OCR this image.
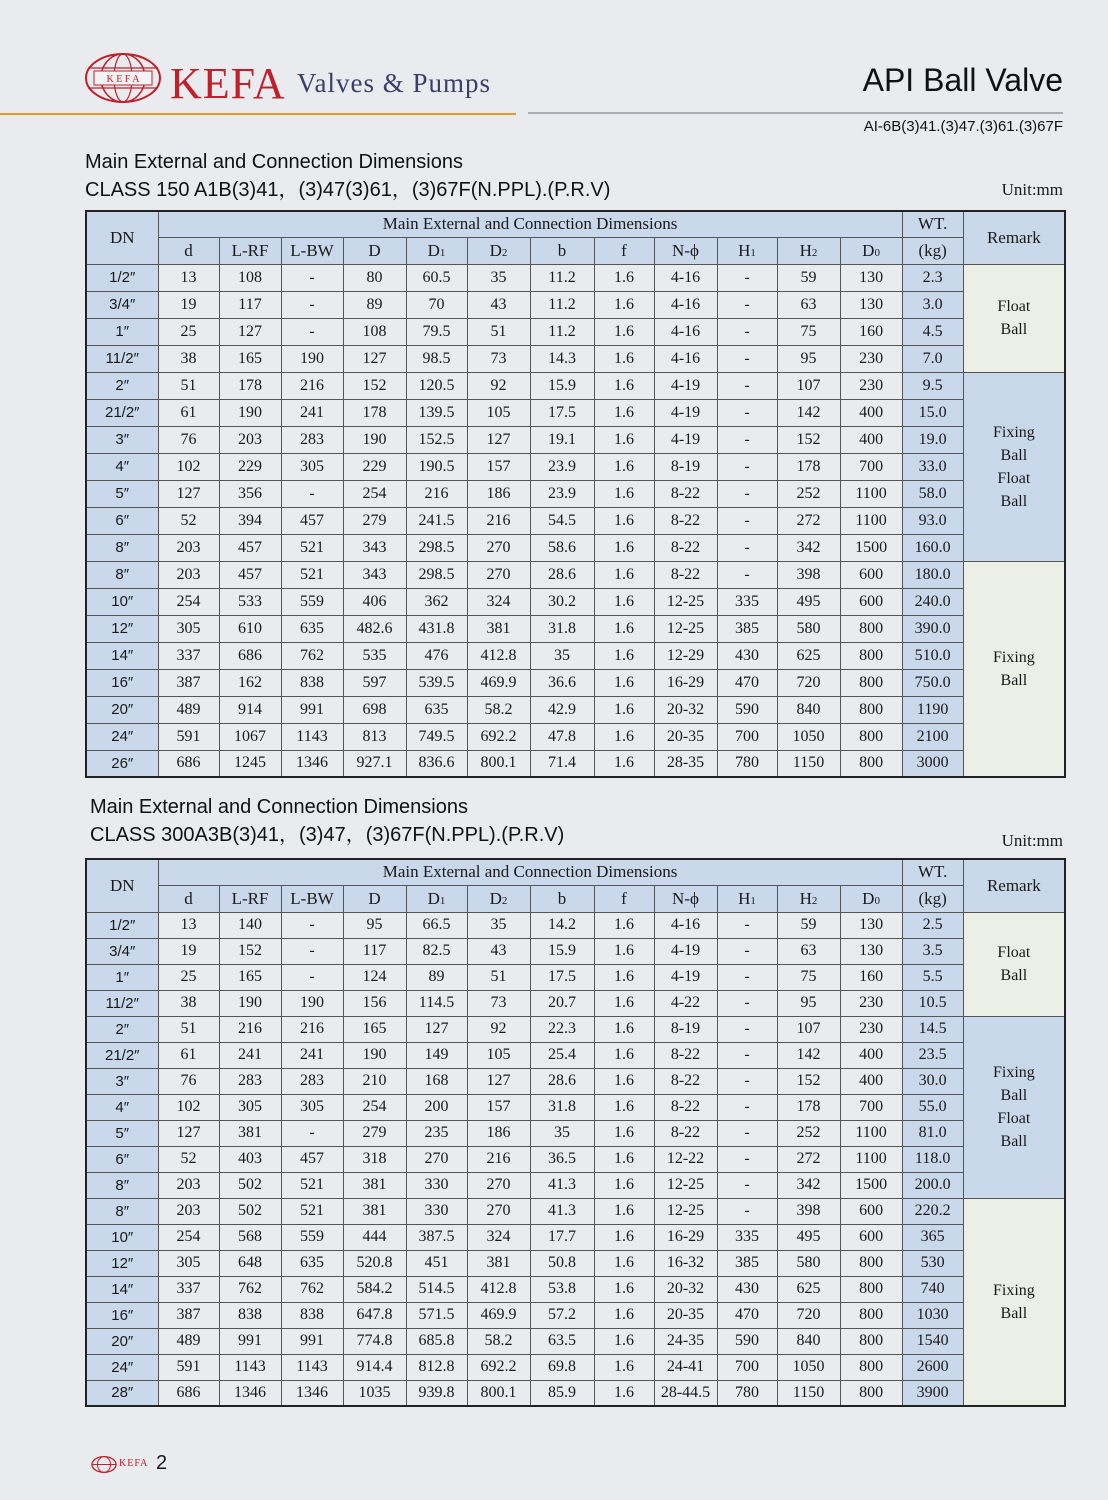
K E F A KEFA Valves & Pumps	API Ball Valve
AI-6B(3)41.(3)47.(3)61.(3)67F
Main External and Connection Dimensions
CLASS 150 A1B(3)41，(3)47(3)61，(3)67F(N.PPL).(P.R.V)	Unit:mm
DN	Main External and Connection Dimensions												WT.	Remark
	d	L-RF	L-BW	D	D1	D2	b	f	N-ϕ	H1	H2	D0	(kg)	
1/2″	13	108	-	80	60.5	35	11.2	1.6	4-16	-	59	130	2.3	Float
Ball
3/4″	19	117	-	89	70	43	11.2	1.6	4-16	-	63	130	3.0	
1″	25	127	-	108	79.5	51	11.2	1.6	4-16	-	75	160	4.5	
11/2″	38	165	190	127	98.5	73	14.3	1.6	4-16	-	95	230	7.0	
2″	51	178	216	152	120.5	92	15.9	1.6	4-19	-	107	230	9.5	Fixing
Ball
Float
Ball
21/2″	61	190	241	178	139.5	105	17.5	1.6	4-19	-	142	400	15.0	
3″	76	203	283	190	152.5	127	19.1	1.6	4-19	-	152	400	19.0	
4″	102	229	305	229	190.5	157	23.9	1.6	8-19	-	178	700	33.0	
5″	127	356	-	254	216	186	23.9	1.6	8-22	-	252	1100	58.0	
6″	52	394	457	279	241.5	216	54.5	1.6	8-22	-	272	1100	93.0	
8″	203	457	521	343	298.5	270	58.6	1.6	8-22	-	342	1500	160.0	
8″	203	457	521	343	298.5	270	28.6	1.6	8-22	-	398	600	180.0	Fixing
Ball
10″	254	533	559	406	362	324	30.2	1.6	12-25	335	495	600	240.0	
12″	305	610	635	482.6	431.8	381	31.8	1.6	12-25	385	580	800	390.0	
14″	337	686	762	535	476	412.8	35	1.6	12-29	430	625	800	510.0	
16″	387	162	838	597	539.5	469.9	36.6	1.6	16-29	470	720	800	750.0	
20″	489	914	991	698	635	58.2	42.9	1.6	20-32	590	840	800	1190	
24″	591	1067	1143	813	749.5	692.2	47.8	1.6	20-35	700	1050	800	2100	
26″	686	1245	1346	927.1	836.6	800.1	71.4	1.6	28-35	780	1150	800	3000	
Main External and Connection Dimensions
CLASS 300A3B(3)41，(3)47，(3)67F(N.PPL).(P.R.V)	Unit:mm
DN	Main External and Connection Dimensions												WT.	Remark
	d	L-RF	L-BW	D	D1	D2	b	f	N-ϕ	H1	H2	D0	(kg)	
1/2″	13	140	-	95	66.5	35	14.2	1.6	4-16	-	59	130	2.5	Float
Ball
3/4″	19	152	-	117	82.5	43	15.9	1.6	4-19	-	63	130	3.5	
1″	25	165	-	124	89	51	17.5	1.6	4-19	-	75	160	5.5	
11/2″	38	190	190	156	114.5	73	20.7	1.6	4-22	-	95	230	10.5	
2″	51	216	216	165	127	92	22.3	1.6	8-19	-	107	230	14.5	Fixing
Ball
Float
Ball
21/2″	61	241	241	190	149	105	25.4	1.6	8-22	-	142	400	23.5	
3″	76	283	283	210	168	127	28.6	1.6	8-22	-	152	400	30.0	
4″	102	305	305	254	200	157	31.8	1.6	8-22	-	178	700	55.0	
5″	127	381	-	279	235	186	35	1.6	8-22	-	252	1100	81.0	
6″	52	403	457	318	270	216	36.5	1.6	12-22	-	272	1100	118.0	
8″	203	502	521	381	330	270	41.3	1.6	12-25	-	342	1500	200.0	
8″	203	502	521	381	330	270	41.3	1.6	12-25	-	398	600	220.2	Fixing
Ball
10″	254	568	559	444	387.5	324	17.7	1.6	16-29	335	495	600	365	
12″	305	648	635	520.8	451	381	50.8	1.6	16-32	385	580	800	530	
14″	337	762	762	584.2	514.5	412.8	53.8	1.6	20-32	430	625	800	740	
16″	387	838	838	647.8	571.5	469.9	57.2	1.6	20-35	470	720	800	1030	
20″	489	991	991	774.8	685.8	58.2	63.5	1.6	24-35	590	840	800	1540	
24″	591	1143	1143	914.4	812.8	692.2	69.8	1.6	24-41	700	1050	800	2600	
28″	686	1346	1346	1035	939.8	800.1	85.9	1.6	28-44.5	780	1150	800	3900	
KEFA 2
